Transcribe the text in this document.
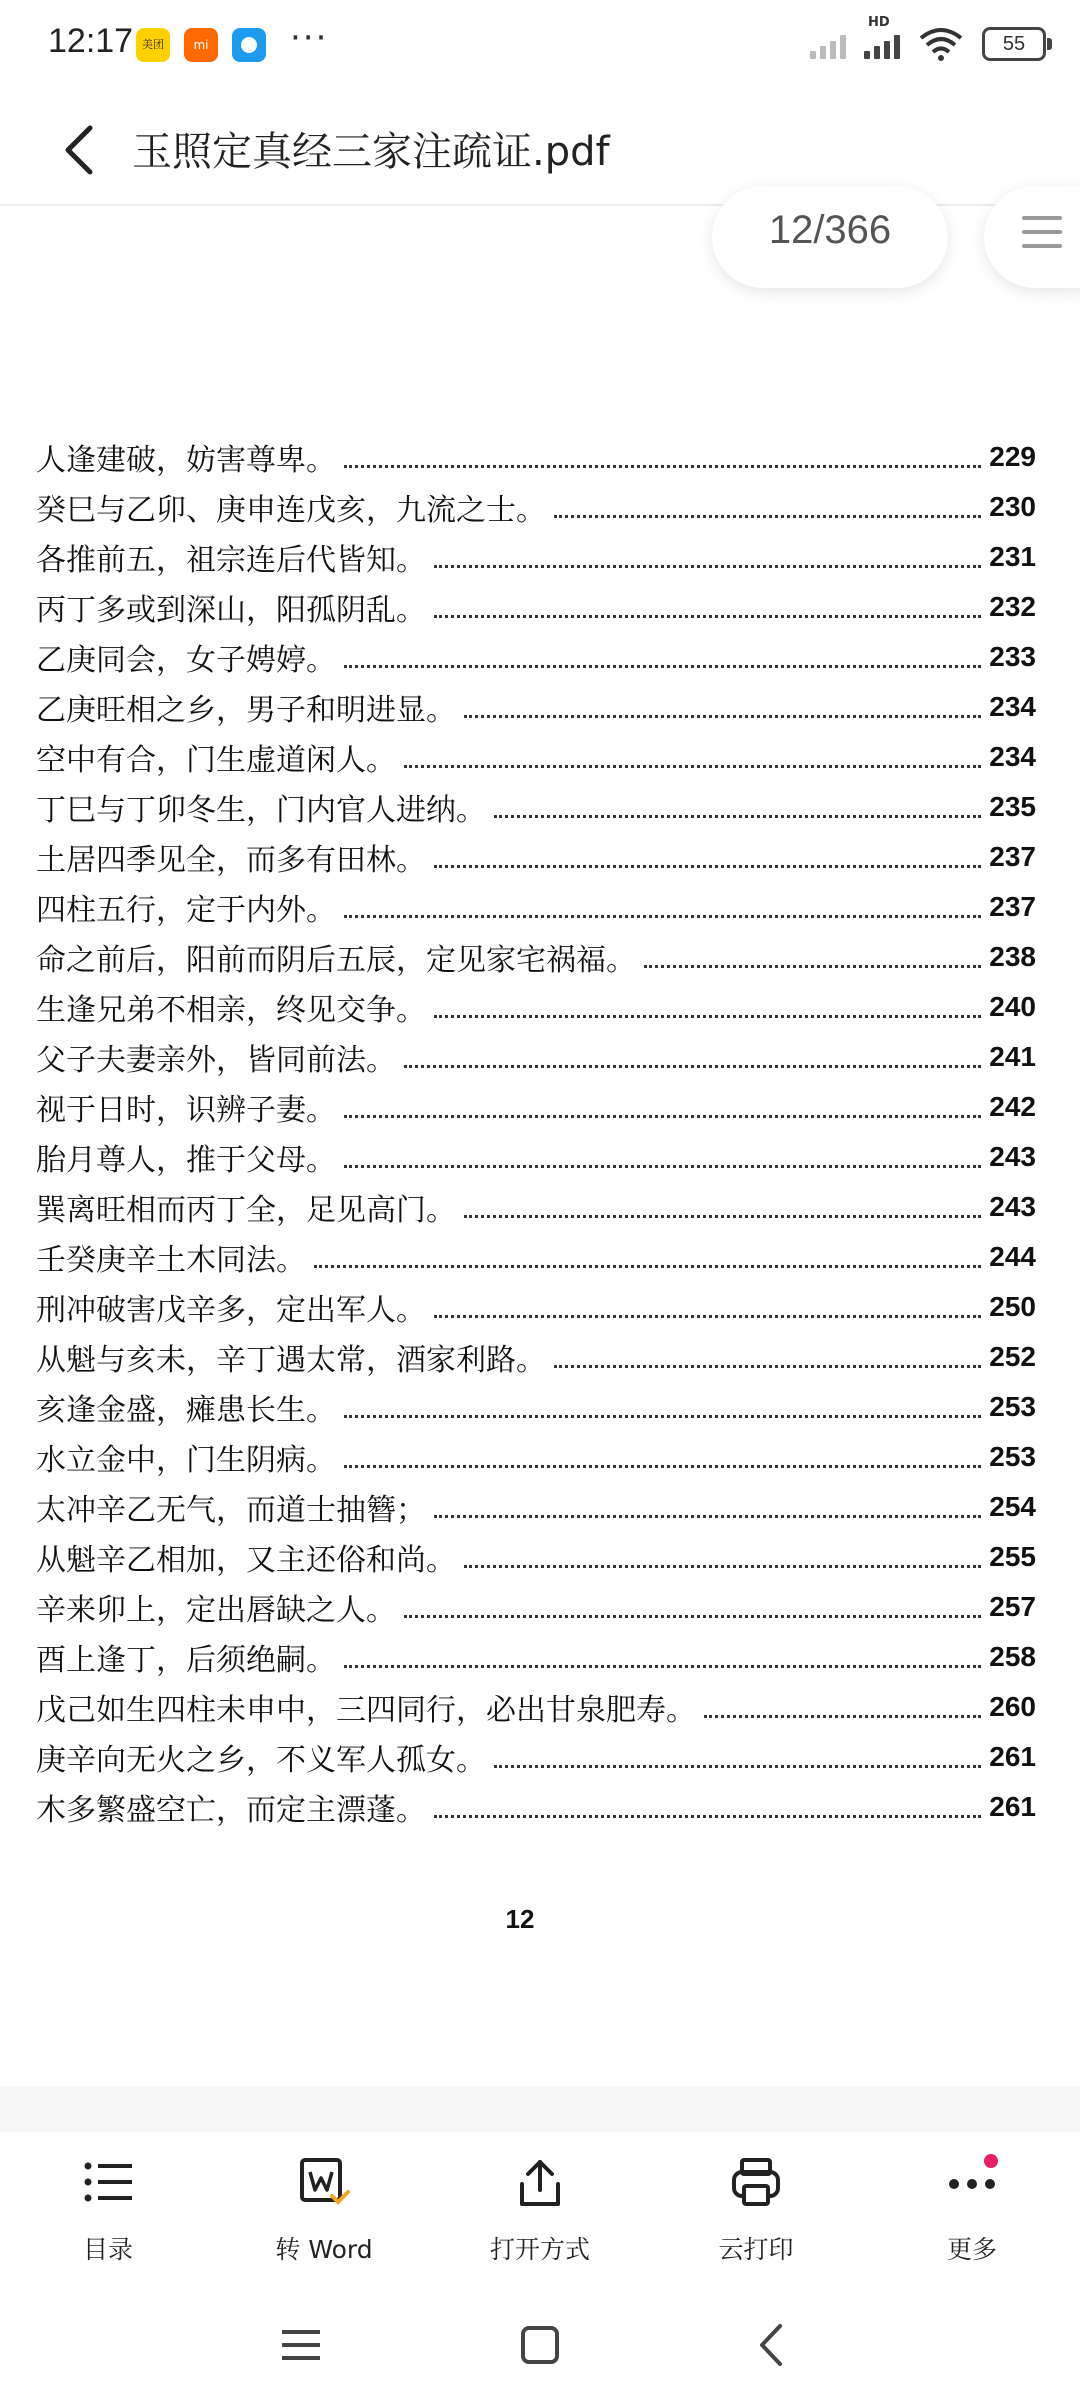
12:17 美团	mi ···	HD
55
玉照定真经三家注疏证.pdf
12/366
人逢建破，妨害尊卑。	229
癸巳与乙卯、庚申连戊亥，九流之士。	230
各推前五，祖宗连后代皆知。	231
丙丁多或到深山，阳孤阴乱。	232
乙庚同会，女子娉婷。	233
乙庚旺相之乡，男子和明进显。	234
空中有合，门生虚道闲人。	234
丁巳与丁卯冬生，门内官人进纳。	235
土居四季见全，而多有田林。	237
四柱五行，定于内外。	237
命之前后，阳前而阴后五辰，定见家宅祸福。	238
生逢兄弟不相亲，终见交争。	240
父子夫妻亲外，皆同前法。	241
视于日时，识辨子妻。	242
胎月尊人，推于父母。	243
巽离旺相而丙丁全，足见高门。	243
壬癸庚辛土木同法。	244
刑冲破害戊辛多，定出军人。	250
从魁与亥未，辛丁遇太常，酒家利路。	252
亥逢金盛，瘫患长生。	253
水立金中，门生阴病。	253
太冲辛乙无气，而道士抽簪；	254
从魁辛乙相加，又主还俗和尚。	255
辛来卯上，定出唇缺之人。	257
酉上逢丁，后须绝嗣。	258
戊己如生四柱未申中，三四同行，必出甘泉肥寿。	260
庚辛向无火之乡，不义军人孤女。	261
木多繁盛空亡，而定主漂蓬。	261
12
目录	转 Word	打开方式	云打印	更多
